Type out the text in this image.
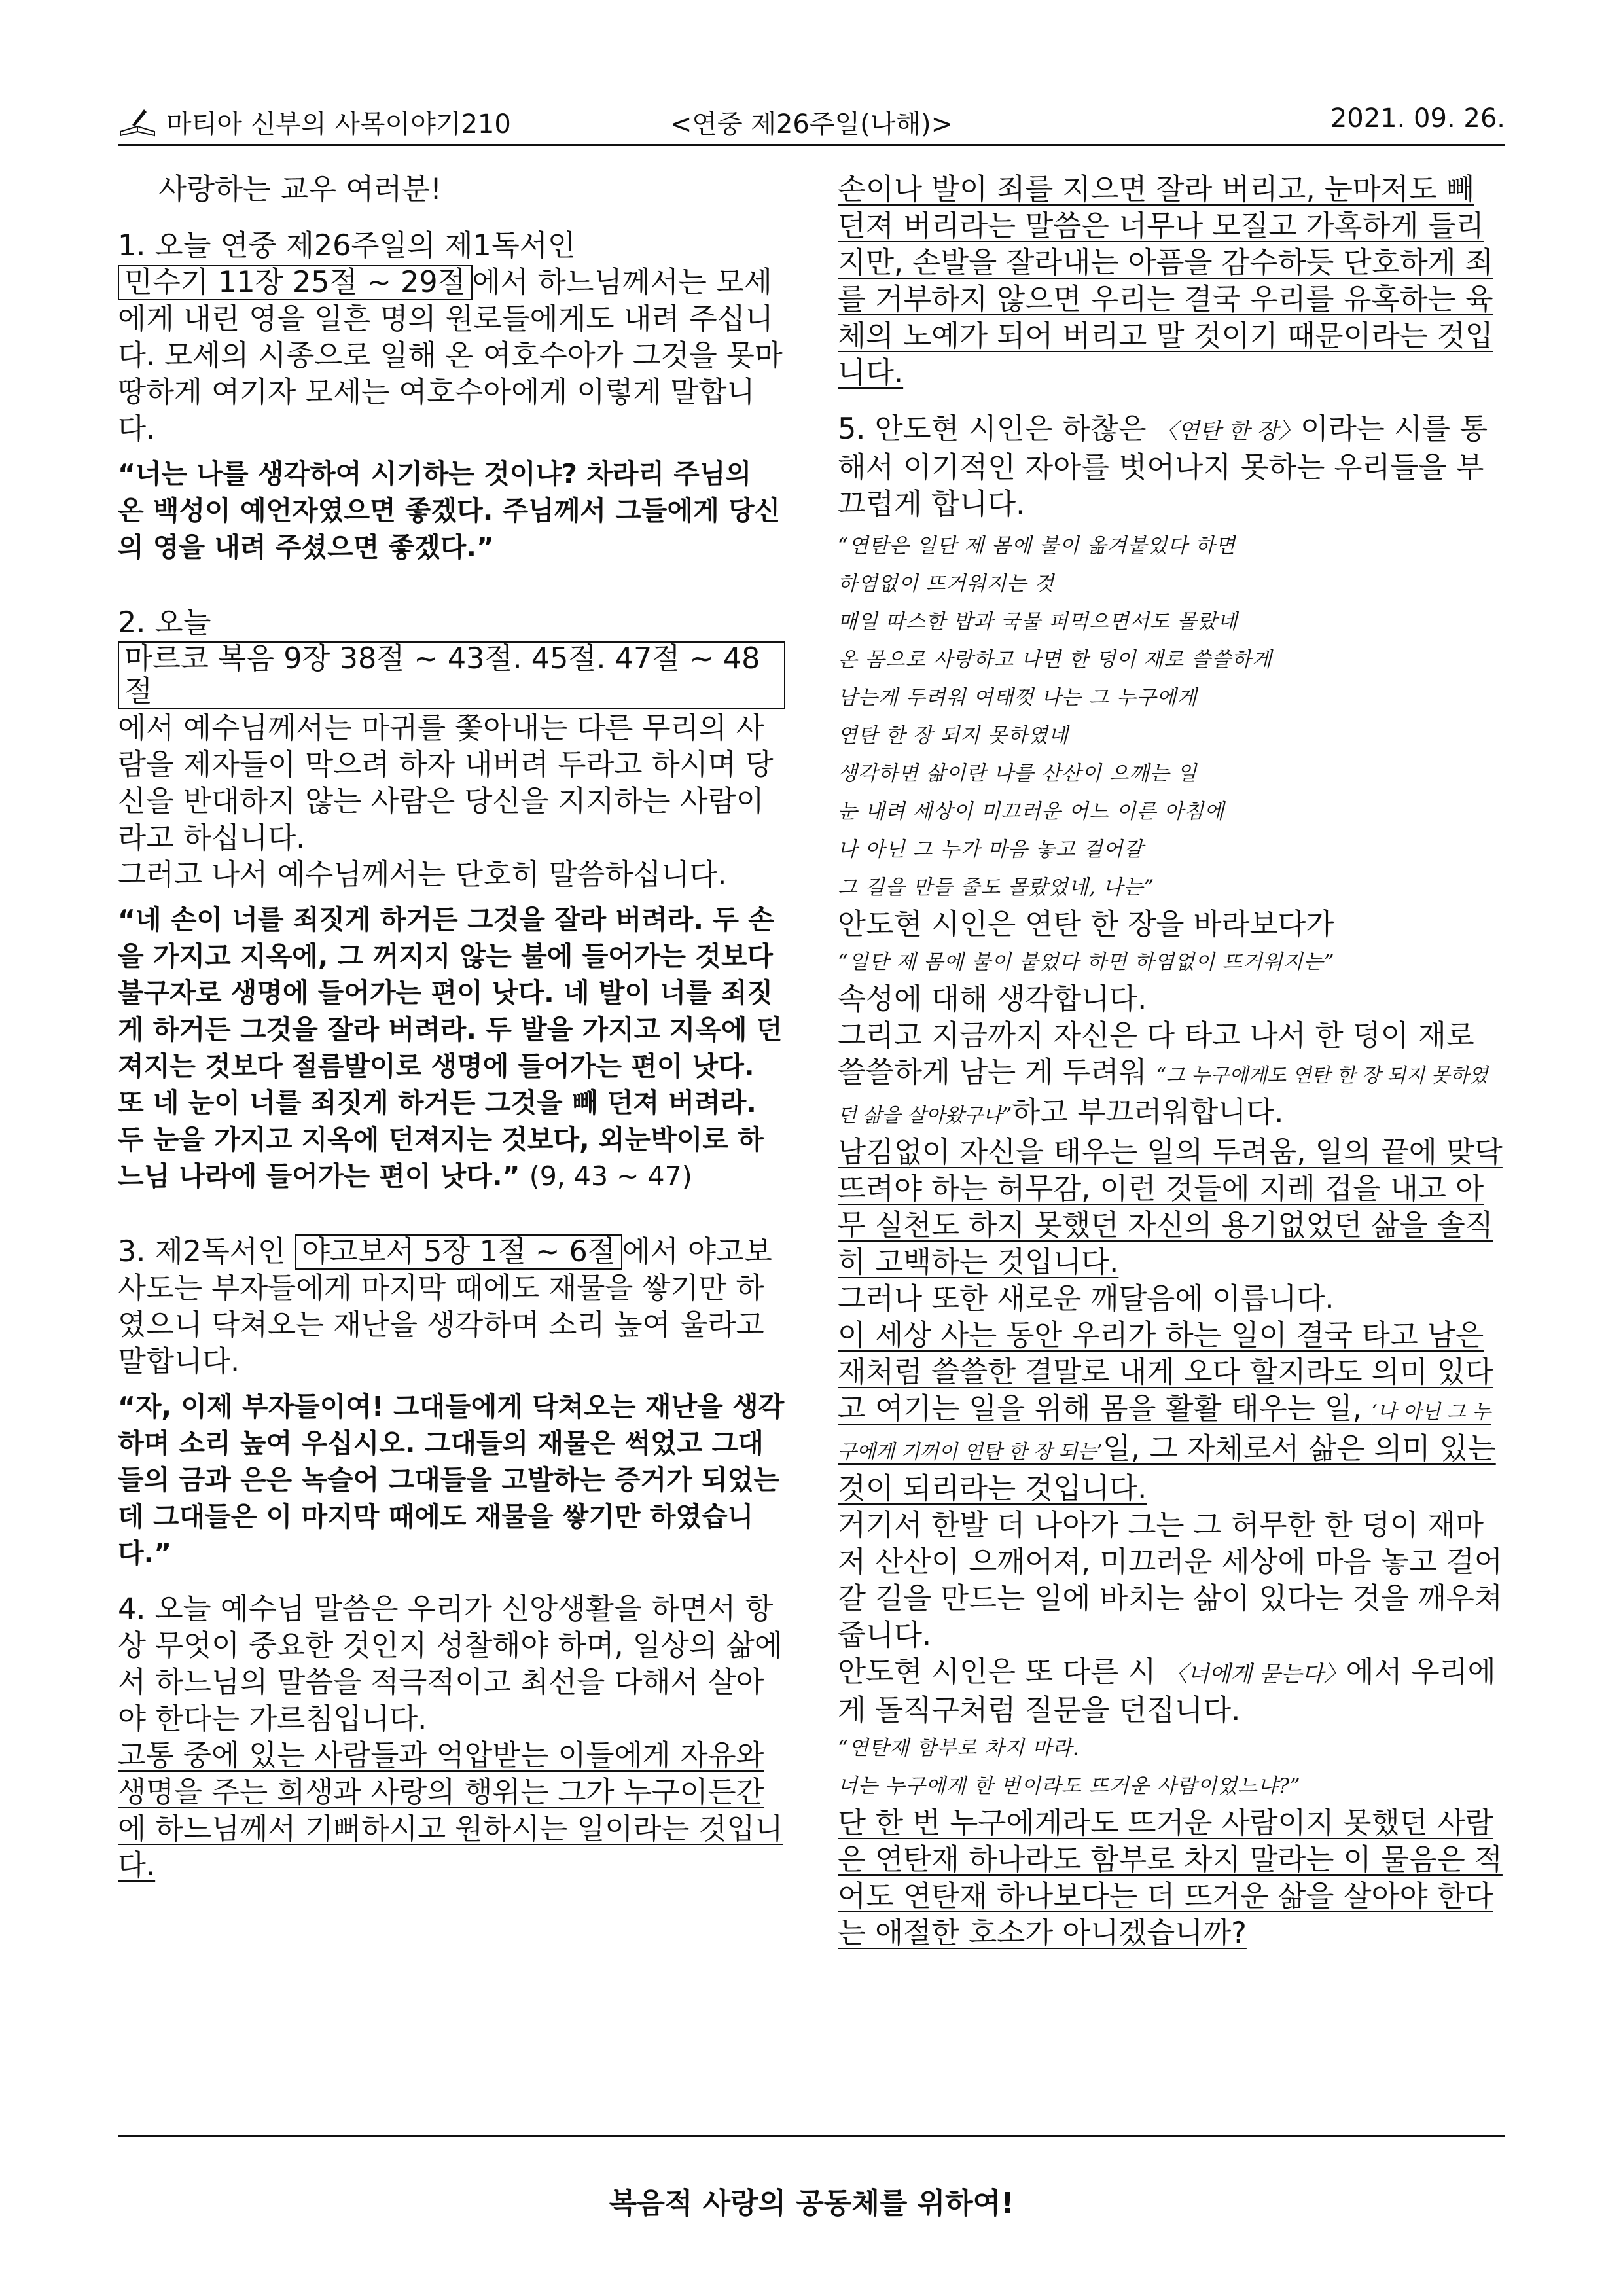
마티아 신부의 사목이야기210	<연중 제26주일(나해)>	2021. 09. 26.

사랑하는 교우 여러분!

1. 오늘 연중 제26주일의 제1독서인 민수기 11장 25절 ~ 29절 에서 하느님께서는 모세에게 내린 영을 일흔 명의 원로들에게도 내려 주십니다. 모세의 시종으로 일해 온 여호수아가 그것을 못마땅하게 여기자 모세는 여호수아에게 이렇게 말합니다.

“너는 나를 생각하여 시기하는 것이냐? 차라리 주님의 온 백성이 예언자였으면 좋겠다. 주님께서 그들에게 당신의 영을 내려 주셨으면 좋겠다.”

2. 오늘 마르코 복음 9장 38절 ~ 43절. 45절. 47절 ~ 48절에서 예수님께서는 마귀를 쫓아내는 다른 무리의 사람을 제자들이 막으려 하자 내버려 두라고 하시며 당신을 반대하지 않는 사람은 당신을 지지하는 사람이라고 하십니다.

그러고 나서 예수님께서는 단호히 말씀하십니다.

“네 손이 너를 죄짓게 하거든 그것을 잘라 버려라. 두 손을 가지고 지옥에, 그 꺼지지 않는 불에 들어가는 것보다 불구자로 생명에 들어가는 편이 낫다. 네 발이 너를 죄짓게 하거든 그것을 잘라 버려라. 두 발을 가지고 지옥에 던져지는 것보다 절름발이로 생명에 들어가는 편이 낫다. 또 네 눈이 너를 죄짓게 하거든 그것을 빼 던져 버려라. 두 눈을 가지고 지옥에 던져지는 것보다, 외눈박이로 하느님 나라에 들어가는 편이 낫다.” (9, 43 ~ 47)

3. 제2독서인 야고보서 5장 1절 ~ 6절 에서 야고보 사도는 부자들에게 마지막 때에도 재물을 쌓기만 하였으니 닥쳐오는 재난을 생각하며 소리 높여 울라고 말합니다.

“자, 이제 부자들이여! 그대들에게 닥쳐오는 재난을 생각하며 소리 높여 우십시오. 그대들의 재물은 썩었고 그대들의 금과 은은 녹슬어 그대들을 고발하는 증거가 되었는데 그대들은 이 마지막 때에도 재물을 쌓기만 하였습니다.”

4. 오늘 예수님 말씀은 우리가 신앙생활을 하면서 항상 무엇이 중요한 것인지 성찰해야 하며, 일상의 삶에서 하느님의 말씀을 적극적이고 최선을 다해서 살아야 한다는 가르침입니다.

고통 중에 있는 사람들과 억압받는 이들에게 자유와 생명을 주는 희생과 사랑의 행위는 그가 누구이든간에 하느님께서 기뻐하시고 원하시는 일이라는 것입니다.

손이나 발이 죄를 지으면 잘라 버리고, 눈마저도 빼 던져 버리라는 말씀은 너무나 모질고 가혹하게 들리지만, 손발을 잘라내는 아픔을 감수하듯 단호하게 죄를 거부하지 않으면 우리는 결국 우리를 유혹하는 육체의 노예가 되어 버리고 말 것이기 때문이라는 것입니다.

5. 안도현 시인은 하찮은 〈연탄 한 장〉이라는 시를 통해서 이기적인 자아를 벗어나지 못하는 우리들을 부끄럽게 합니다.

“연탄은 일단 제 몸에 불이 옮겨붙었다 하면
하염없이 뜨거워지는 것
매일 따스한 밥과 국물 퍼먹으면서도 몰랐네
온 몸으로 사랑하고 나면 한 덩이 재로 쓸쓸하게
남는게 두려워 여태껏 나는 그 누구에게
연탄 한 장 되지 못하였네
생각하면 삶이란 나를 산산이 으깨는 일
눈 내려 세상이 미끄러운 어느 이른 아침에
나 아닌 그 누가 마음 놓고 걸어갈
그 길을 만들 줄도 몰랐었네, 나는”

안도현 시인은 연탄 한 장을 바라보다가

“일단 제 몸에 불이 붙었다 하면 하염없이 뜨거워지는”

속성에 대해 생각합니다.

그리고 지금까지 자신은 다 타고 나서 한 덩이 재로 쓸쓸하게 남는 게 두려워 “그 누구에게도 연탄 한 장 되지 못하였던 삶을 살아왔구나”하고 부끄러워합니다.

남김없이 자신을 태우는 일의 두려움, 일의 끝에 맞닥뜨려야 하는 허무감, 이런 것들에 지레 겁을 내고 아무 실천도 하지 못했던 자신의 용기없었던 삶을 솔직히 고백하는 것입니다.

그러나 또한 새로운 깨달음에 이릅니다.

이 세상 사는 동안 우리가 하는 일이 결국 타고 남은 재처럼 쓸쓸한 결말로 내게 오다 할지라도 의미 있다고 여기는 일을 위해 몸을 활활 태우는 일, ‘나 아닌 그 누구에게 기꺼이 연탄 한 장 되는’일, 그 자체로서 삶은 의미 있는 것이 되리라는 것입니다.

거기서 한발 더 나아가 그는 그 허무한 한 덩이 재마저 산산이 으깨어져, 미끄러운 세상에 마음 놓고 걸어갈 길을 만드는 일에 바치는 삶이 있다는 것을 깨우쳐 줍니다.

안도현 시인은 또 다른 시 〈너에게 묻는다〉에서 우리에게 돌직구처럼 질문을 던집니다.

“연탄재 함부로 차지 마라.
너는 누구에게 한 번이라도 뜨거운 사람이었느냐?”

단 한 번 누구에게라도 뜨거운 사람이지 못했던 사람은 연탄재 하나라도 함부로 차지 말라는 이 물음은 적어도 연탄재 하나보다는 더 뜨거운 삶을 살아야 한다는 애절한 호소가 아니겠습니까?

복음적 사랑의 공동체를 위하여!
